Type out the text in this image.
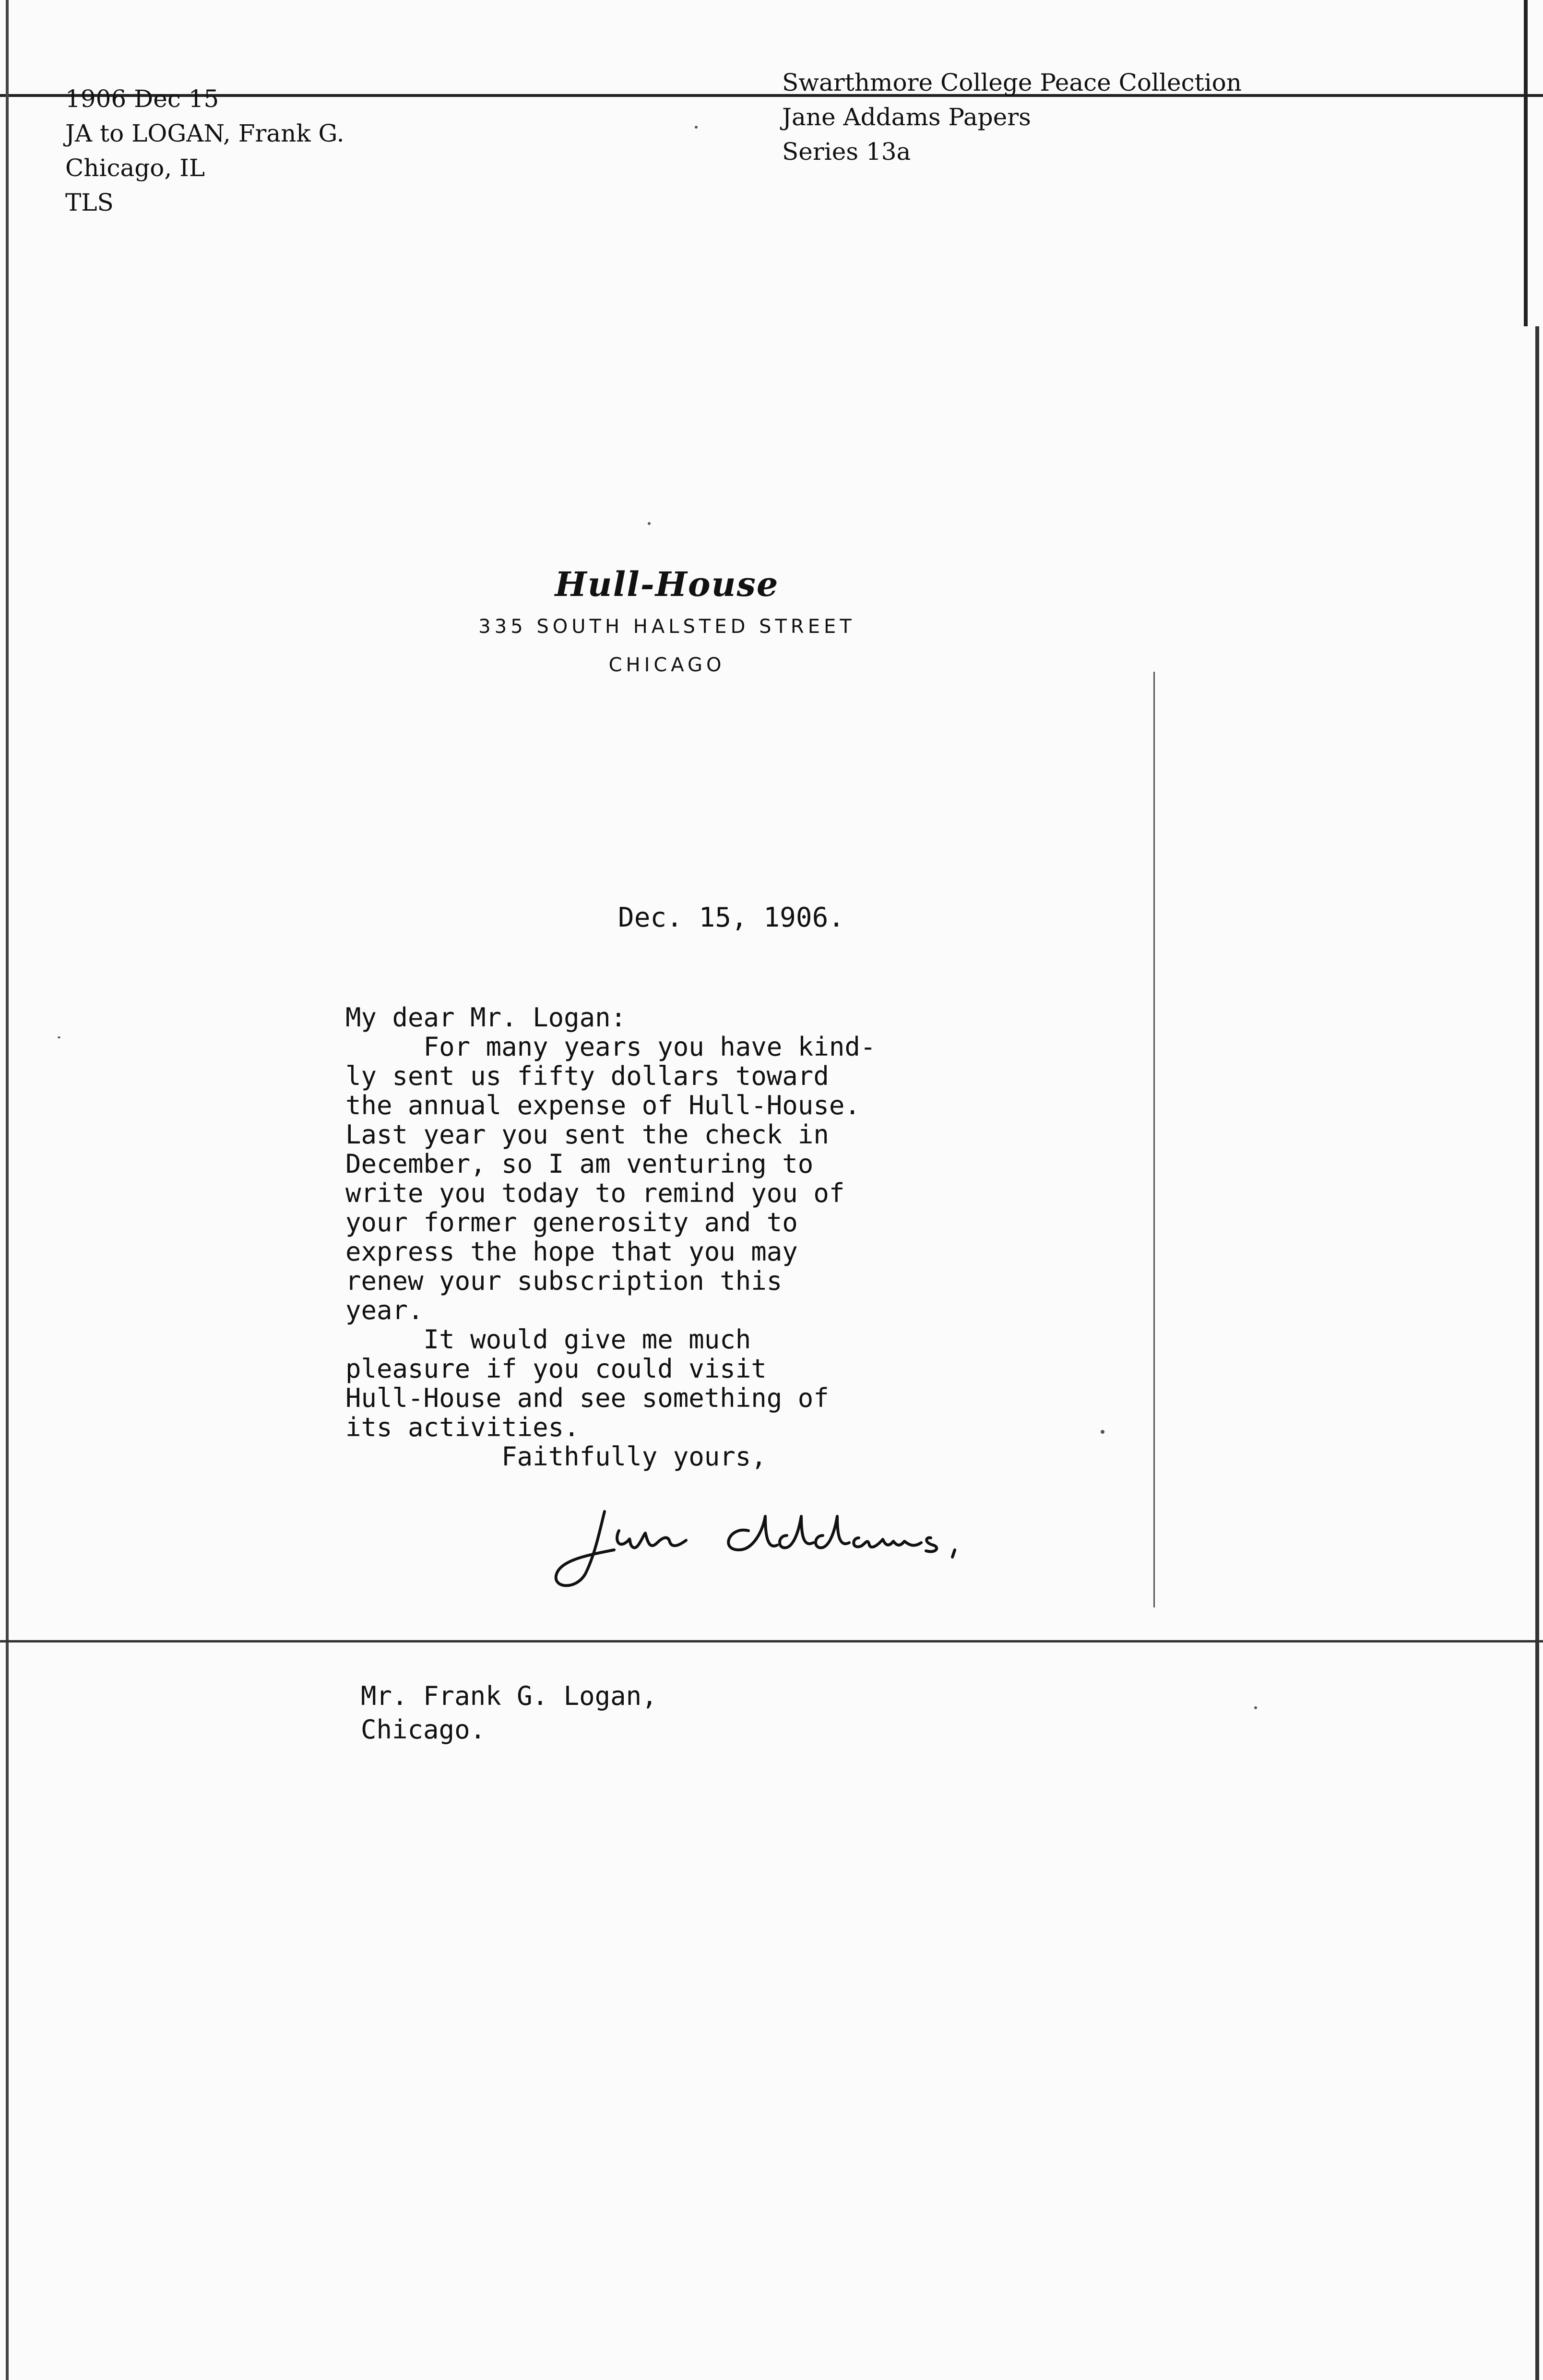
1906 Dec 15
JA to LOGAN, Frank G.
Chicago, IL
TLS
Swarthmore College Peace Collection
Jane Addams Papers
Series 13a
Hull-House
335 SOUTH HALSTED STREET
CHICAGO
Dec. 15, 1906.
My dear Mr. Logan:
For many years you have kind-
ly sent us fifty dollars toward
the annual expense of Hull-House.
Last year you sent the check in
December, so I am venturing to
write you today to remind you of
your former generosity and to
express the hope that you may
renew your subscription this
year.
It would give me much
pleasure if you could visit
Hull-House and see something of
its activities.
Faithfully yours,
Mr. Frank G. Logan,
Chicago.
